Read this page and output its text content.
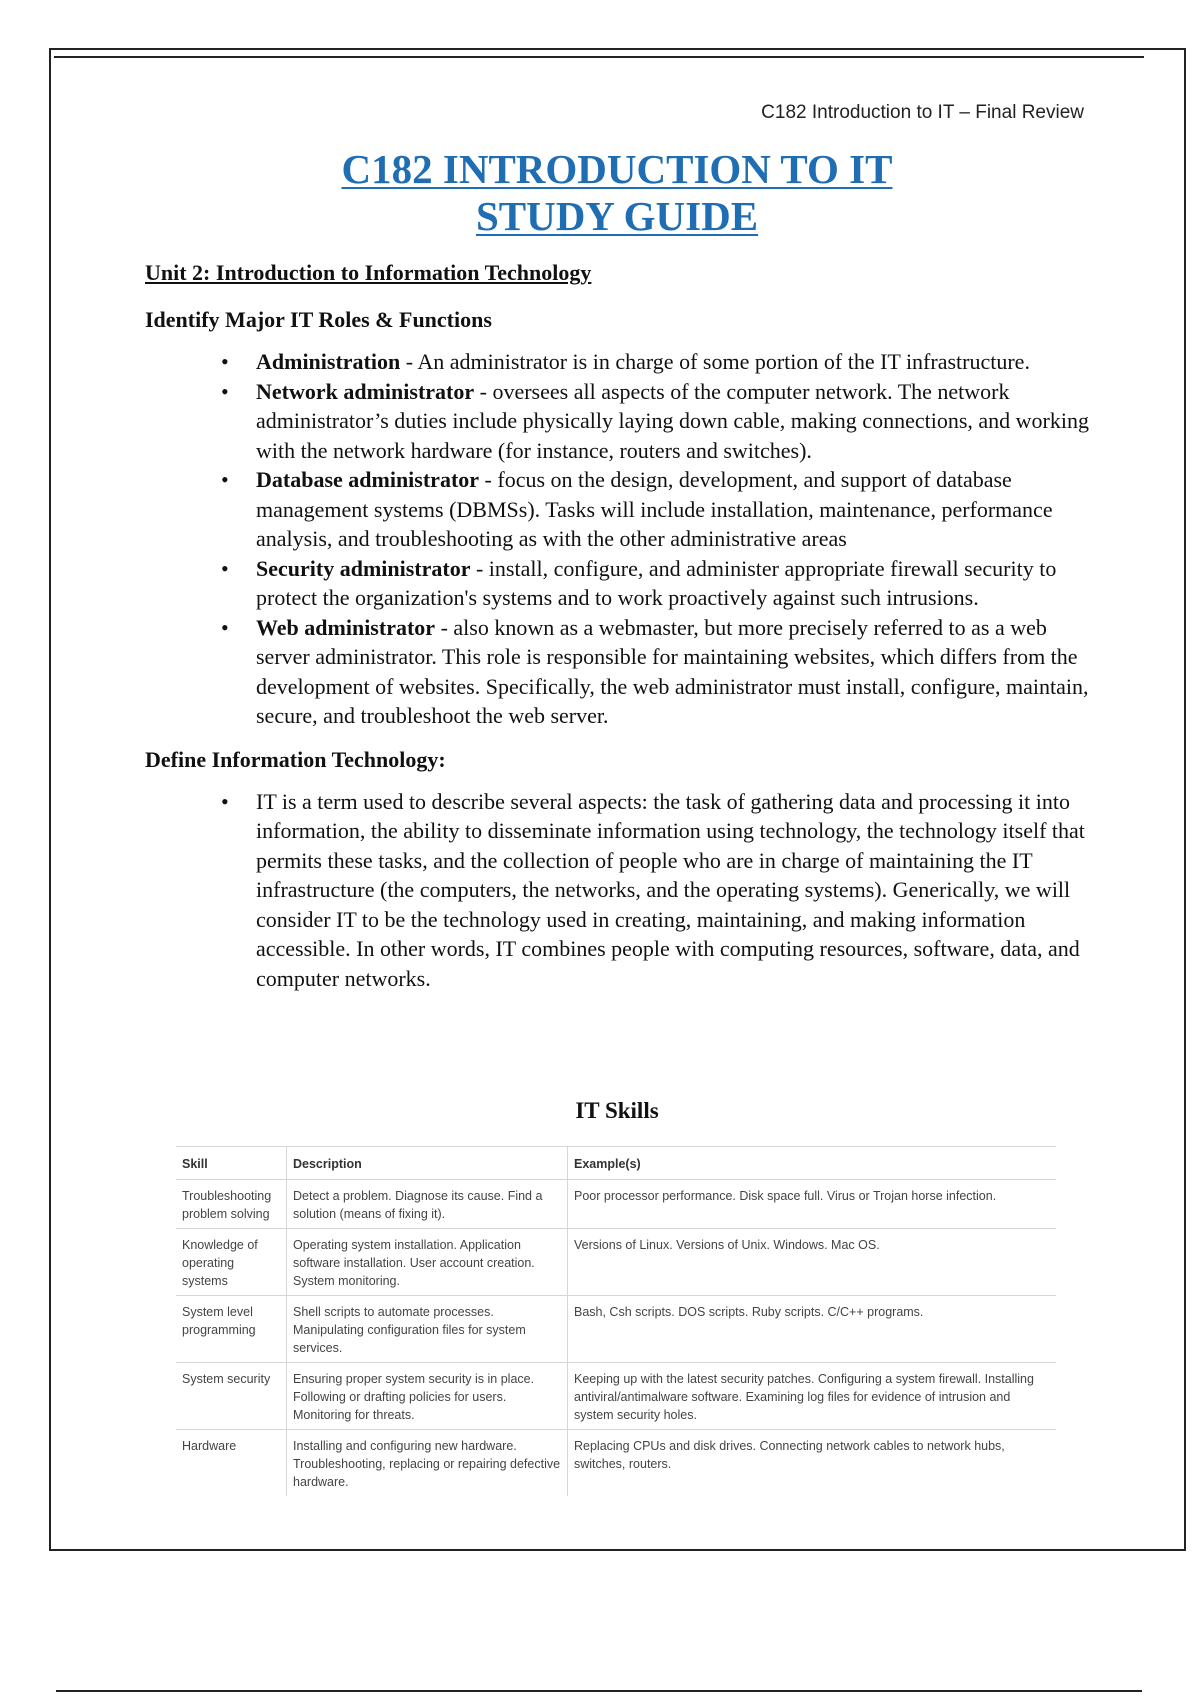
C182 Introduction to IT – Final Review
C182 INTRODUCTION TO IT
STUDY GUIDE
Unit 2: Introduction to Information Technology
Identify Major IT Roles & Functions
• Administration - An administrator is in charge of some portion of the IT infrastructure.
• Network administrator - oversees all aspects of the computer network. The network administrator’s duties include physically laying down cable, making connections, and working with the network hardware (for instance, routers and switches).
• Database administrator - focus on the design, development, and support of database management systems (DBMSs). Tasks will include installation, maintenance, performance analysis, and troubleshooting as with the other administrative areas
• Security administrator - install, configure, and administer appropriate firewall security to protect the organization's systems and to work proactively against such intrusions.
• Web administrator - also known as a webmaster, but more precisely referred to as a web server administrator. This role is responsible for maintaining websites, which differs from the development of websites. Specifically, the web administrator must install, configure, maintain, secure, and troubleshoot the web server.
Define Information Technology:
• IT is a term used to describe several aspects: the task of gathering data and processing it into information, the ability to disseminate information using technology, the technology itself that permits these tasks, and the collection of people who are in charge of maintaining the IT infrastructure (the computers, the networks, and the operating systems). Generically, we will consider IT to be the technology used in creating, maintaining, and making information accessible. In other words, IT combines people with computing resources, software, data, and computer networks.
IT Skills
Skill	Description	Example(s)
Troubleshooting problem solving	Detect a problem. Diagnose its cause. Find a solution (means of fixing it).	Poor processor performance. Disk space full. Virus or Trojan horse infection.
Knowledge of operating systems	Operating system installation. Application software installation. User account creation. System monitoring.	Versions of Linux. Versions of Unix. Windows. Mac OS.
System level programming	Shell scripts to automate processes. Manipulating configuration files for system services.	Bash, Csh scripts. DOS scripts. Ruby scripts. C/C++ programs.
System security	Ensuring proper system security is in place. Following or drafting policies for users. Monitoring for threats.	Keeping up with the latest security patches. Configuring a system firewall. Installing antiviral/antimalware software. Examining log files for evidence of intrusion and system security holes.
Hardware	Installing and configuring new hardware. Troubleshooting, replacing or repairing defective hardware.	Replacing CPUs and disk drives. Connecting network cables to network hubs, switches, routers.
